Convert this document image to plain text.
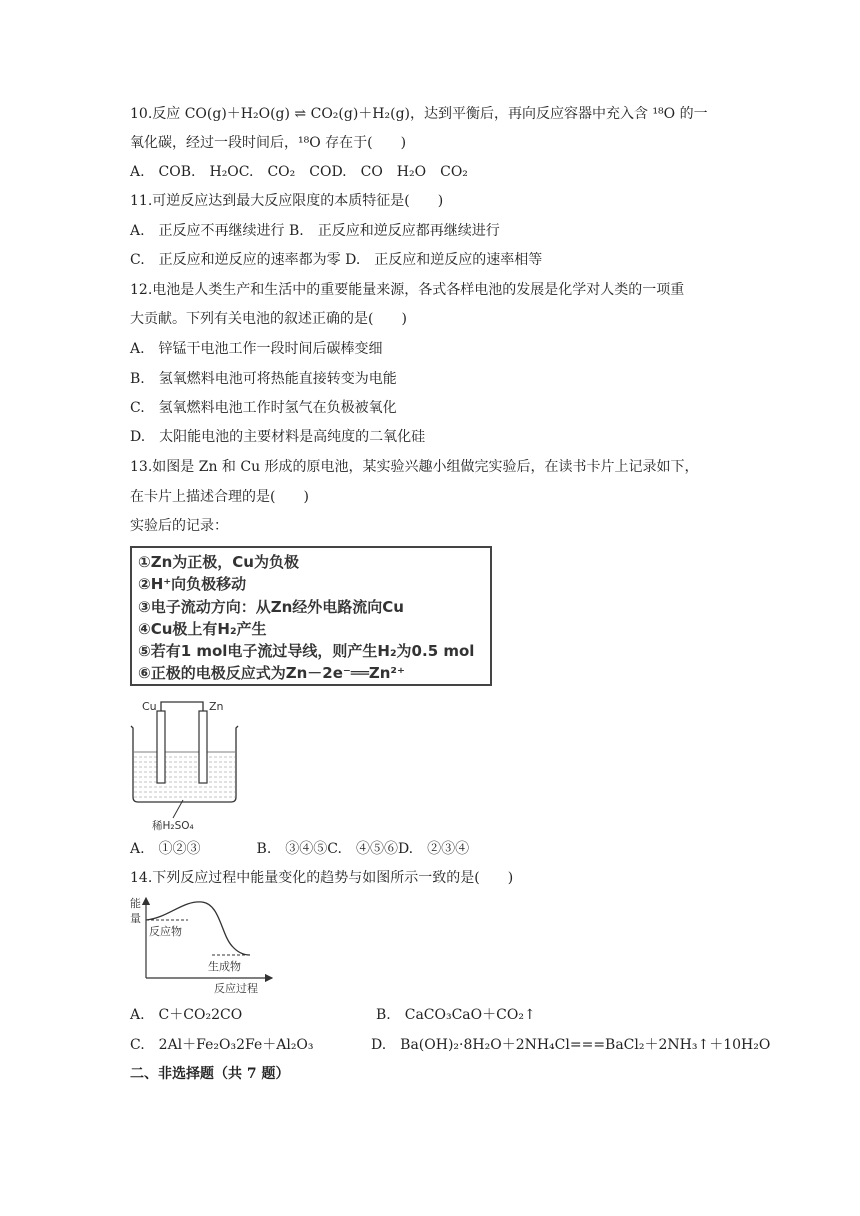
10.反应 CO(g)＋H₂O(g) ⇌ CO₂(g)＋H₂(g)，达到平衡后，再向反应容器中充入含 ¹⁸O 的一
氧化碳，经过一段时间后，¹⁸O 存在于(　　)
A.　COB.　H₂OC.　CO₂　COD.　CO　H₂O　CO₂
11.可逆反应达到最大反应限度的本质特征是(　　)
A.　正反应不再继续进行 B.　正反应和逆反应都再继续进行
C.　正反应和逆反应的速率都为零 D.　正反应和逆反应的速率相等
12.电池是人类生产和生活中的重要能量来源，各式各样电池的发展是化学对人类的一项重
大贡献。下列有关电池的叙述正确的是(　　)
A.　锌锰干电池工作一段时间后碳棒变细
B.　氢氧燃料电池可将热能直接转变为电能
C.　氢氧燃料电池工作时氢气在负极被氧化
D.　太阳能电池的主要材料是高纯度的二氧化硅
13.如图是 Zn 和 Cu 形成的原电池，某实验兴趣小组做完实验后，在读书卡片上记录如下，
在卡片上描述合理的是(　　)
实验后的记录：
①Zn为正极，Cu为负极
②H⁺向负极移动
③电子流动方向：从Zn经外电路流向Cu
④Cu极上有H₂产生
⑤若有1 mol电子流过导线，则产生H₂为0.5 mol
⑥正极的电极反应式为Zn－2e⁻══Zn²⁺
Cu	Zn
稀H₂SO₄
A.　①②③　　　　B.　③④⑤C.　④⑤⑥D.　②③④
14.下列反应过程中能量变化的趋势与如图所示一致的是(　　)
能
量
反应物
生成物
反应过程
A.　C＋CO₂2CO	B.　CaCO₃CaO＋CO₂↑
C.　2Al＋Fe₂O₃2Fe＋Al₂O₃	D.　Ba(OH)₂·8H₂O＋2NH₄Cl===BaCl₂＋2NH₃↑＋10H₂O
二、非选择题（共 7 题）
